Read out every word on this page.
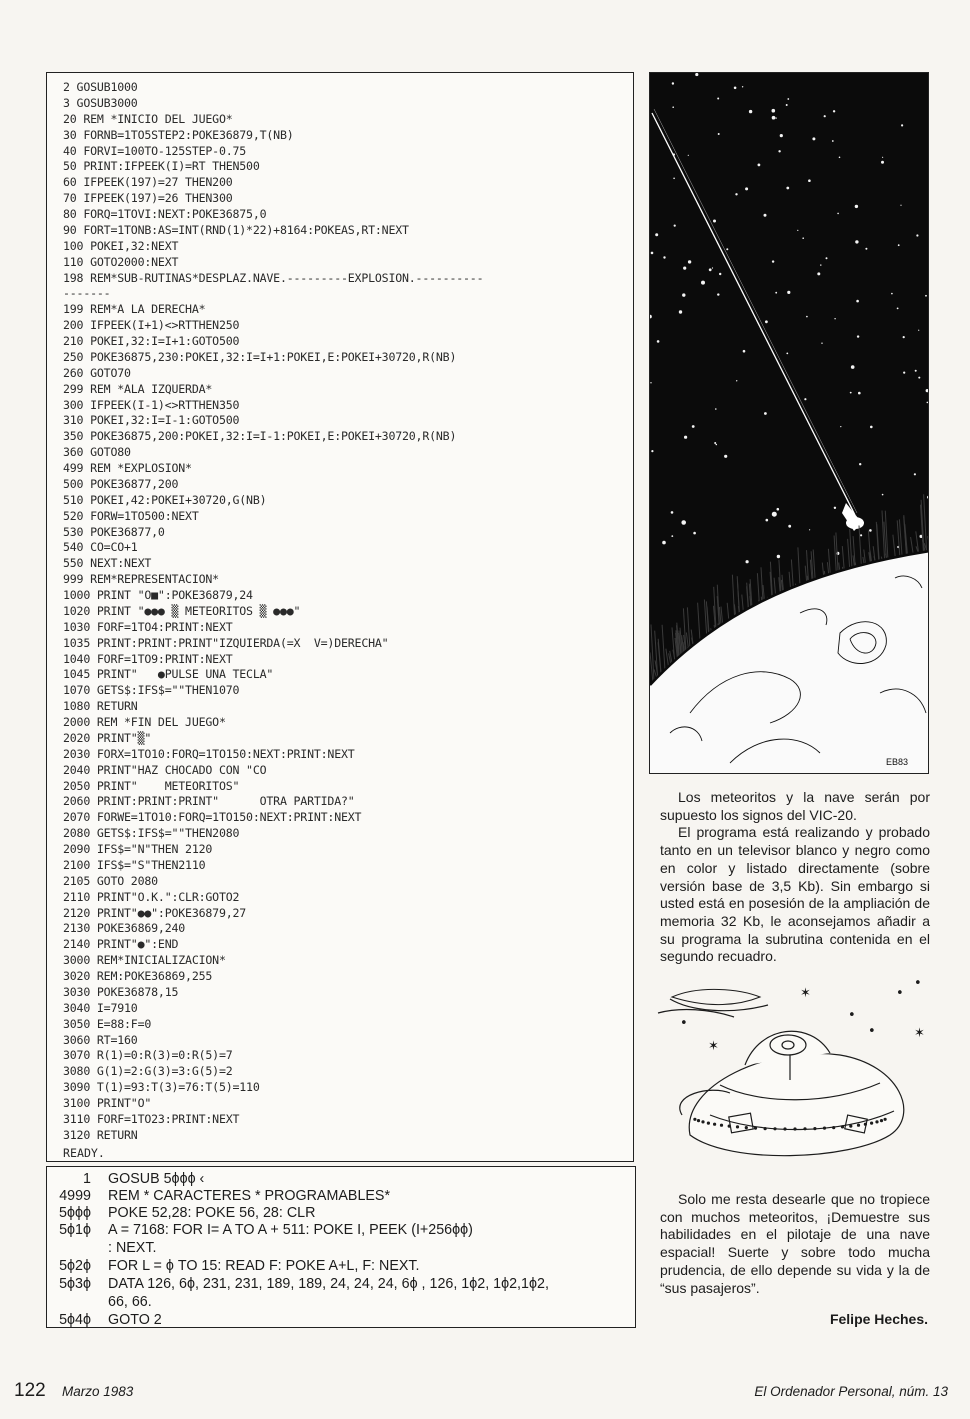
2 GOSUB1000
3 GOSUB3000
20 REM *INICIO DEL JUEGO*
30 FORNB=1TO5STEP2:POKE36879,T(NB)
40 FORVI=100TO-125STEP-0.75
50 PRINT:IFPEEK(I)=RT THEN500
60 IFPEEK(197)=27 THEN200
70 IFPEEK(197)=26 THEN300
80 FORQ=1TOVI:NEXT:POKE36875,0
90 FORT=1TONB:AS=INT(RND(1)*22)+8164:POKEAS,RT:NEXT
100 POKEI,32:NEXT
110 GOTO2000:NEXT
198 REM*SUB-RUTINAS*DESPLAZ.NAVE.---------EXPLOSION.----------
-------
199 REM*A LA DERECHA*
200 IFPEEK(I+1)<>RTTHEN250
210 POKEI,32:I=I+1:GOTO500
250 POKE36875,230:POKEI,32:I=I+1:POKEI,E:POKEI+30720,R(NB)
260 GOTO70
299 REM *ALA IZQUERDA*
300 IFPEEK(I-1)<>RTTHEN350
310 POKEI,32:I=I-1:GOTO500
350 POKE36875,200:POKEI,32:I=I-1:POKEI,E:POKEI+30720,R(NB)
360 GOTO80
499 REM *EXPLOSION*
500 POKE36877,200
510 POKEI,42:POKEI+30720,G(NB)
520 FORW=1TO500:NEXT
530 POKE36877,0
540 CO=CO+1
550 NEXT:NEXT
999 REM*REPRESENTACION*
1000 PRINT "O■":POKE36879,24
1020 PRINT "●●● ▒ METEORITOS ▒ ●●●"
1030 FORF=1TO4:PRINT:NEXT
1035 PRINT:PRINT:PRINT"IZQUIERDA(=X  V=)DERECHA"
1040 FORF=1TO9:PRINT:NEXT
1045 PRINT"   ●PULSE UNA TECLA"
1070 GETS$:IFS$=""THEN1070
1080 RETURN
2000 REM *FIN DEL JUEGO*
2020 PRINT"▒"
2030 FORX=1TO10:FORQ=1TO150:NEXT:PRINT:NEXT
2040 PRINT"HAZ CHOCADO CON "CO
2050 PRINT"    METEORITOS"
2060 PRINT:PRINT:PRINT"      OTRA PARTIDA?"
2070 FORWE=1TO10:FORQ=1TO150:NEXT:PRINT:NEXT
2080 GETS$:IFS$=""THEN2080
2090 IFS$="N"THEN 2120
2100 IFS$="S"THEN2110
2105 GOTO 2080
2110 PRINT"O.K.":CLR:GOTO2
2120 PRINT"●●":POKE36879,27
2130 POKE36869,240
2140 PRINT"●":END
3000 REM*INICIALIZACION*
3020 REM:POKE36869,255
3030 POKE36878,15
3040 I=7910
3050 E=88:F=0
3060 RT=160
3070 R(1)=0:R(3)=0:R(5)=7
3080 G(1)=2:G(3)=3:G(5)=2
3090 T(1)=93:T(3)=76:T(5)=110
3100 PRINT"O"
3110 FORF=1TO23:PRINT:NEXT
3120 RETURN
READY.
1 GOSUB 5ϕϕϕ ‹
4999 REM * CARACTERES * PROGRAMABLES*
5ϕϕϕ POKE 52,28: POKE 56, 28: CLR
5ϕ1ϕ A = 7168: FOR I= A TO A + 511: POKE I, PEEK (I+256ϕϕ)
: NEXT.
5ϕ2ϕ FOR L = ϕ TO 15: READ F: POKE A+L, F: NEXT.
5ϕ3ϕ DATA 126, 6ϕ, 231, 231, 189, 189, 24, 24, 24, 6ϕ , 126, 1ϕ2, 1ϕ2,1ϕ2,
66, 66.
5ϕ4ϕ GOTO 2
EB83

Los meteoritos y la nave serán por supuesto los signos del VIC-20.

El programa está realizando y probado tanto en un televisor blanco y negro como en color y listado directamente (sobre versión base de 3,5 Kb). Sin embargo si usted está en posesión de la ampliación de memoria 32 Kb, le aconsejamos añadir a su programa la subrutina contenida en el segundo recuadro.

✶
✶
✶
•
•
•
•
•

Solo me resta desearle que no tropiece con muchos meteoritos, ¡Demuestre sus habilidades en el pilotaje de una nave espacial! Suerte y sobre todo mucha prudencia, de ello depende su vida y la de “sus pasajeros”.

Felipe Heches.
122 Marzo 1983	El Ordenador Personal, núm. 13
